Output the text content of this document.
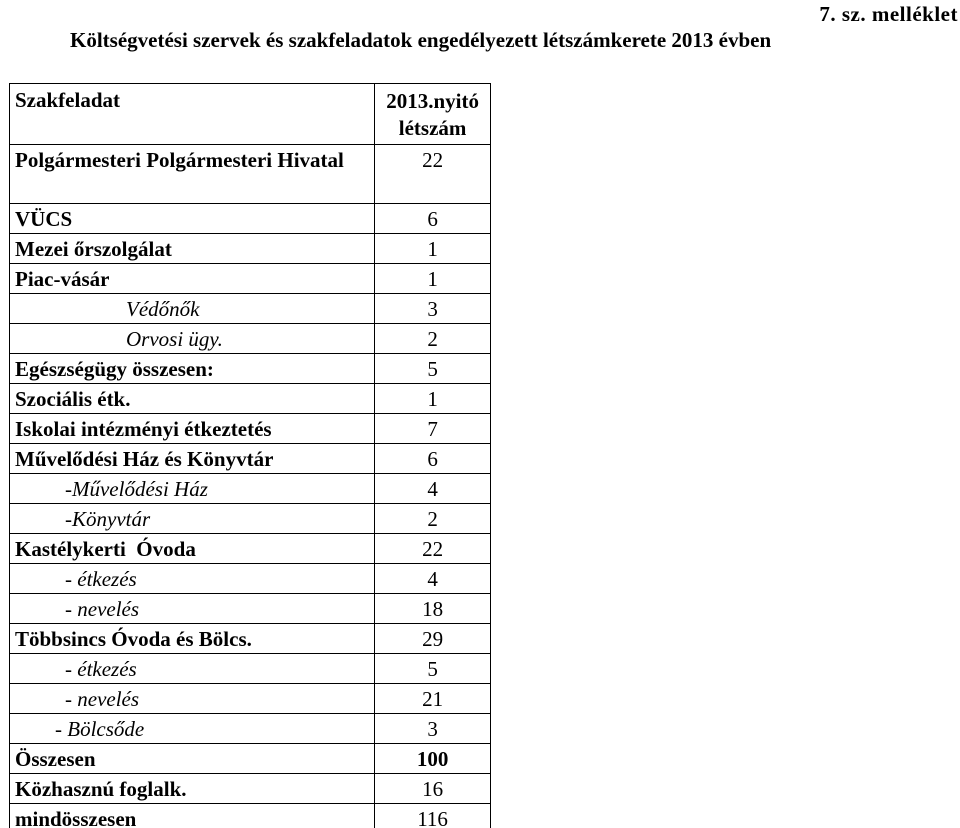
7. sz. melléklet
Költségvetési szervek és szakfeladatok engedélyezett létszámkerete 2013 évben
Szakfeladat	2013.nyitó
létszám
Polgármesteri Polgármesteri Hivatal	22
VÜCS	6
Mezei őrszolgálat	1
Piac-vásár	1
Védőnők	3
Orvosi ügy.	2
Egészségügy összesen:	5
Szociális étk.	1
Iskolai intézményi étkeztetés	7
Művelődési Ház és Könyvtár	6
-Művelődési Ház	4
-Könyvtár	2
Kastélykerti  Óvoda	22
- étkezés	4
- nevelés	18
Többsincs Óvoda és Bölcs.	29
- étkezés	5
- nevelés	21
- Bölcsőde	3
Összesen	100
Közhasznú foglalk.	16
mindösszesen	116
